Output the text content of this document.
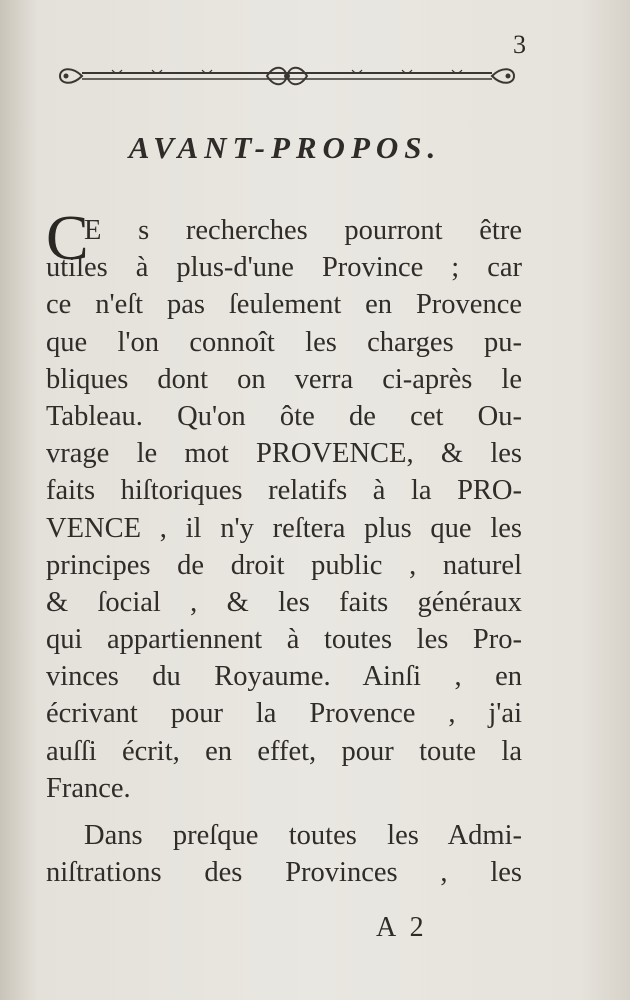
3
AVANT-PROPOS.
C
E s recherches pourront être
utiles à plus-d'une Province ; car
ce n'eſt pas ſeulement en Provence
que l'on connoît les charges pu-
bliques dont on verra ci-après le
Tableau. Qu'on ôte de cet Ou-
vrage le mot PROVENCE, & les
faits hiſtoriques relatifs à la PRO-
VENCE , il n'y reſtera plus que les
principes de droit public , naturel
& ſocial , & les faits généraux
qui appartiennent à toutes les Pro-
vinces du Royaume. Ainſi , en
écrivant pour la Provence , j'ai
auſſi écrit, en effet, pour toute la
France.
Dans preſque toutes les Admi-
niſtrations des Provinces , les
A 2
